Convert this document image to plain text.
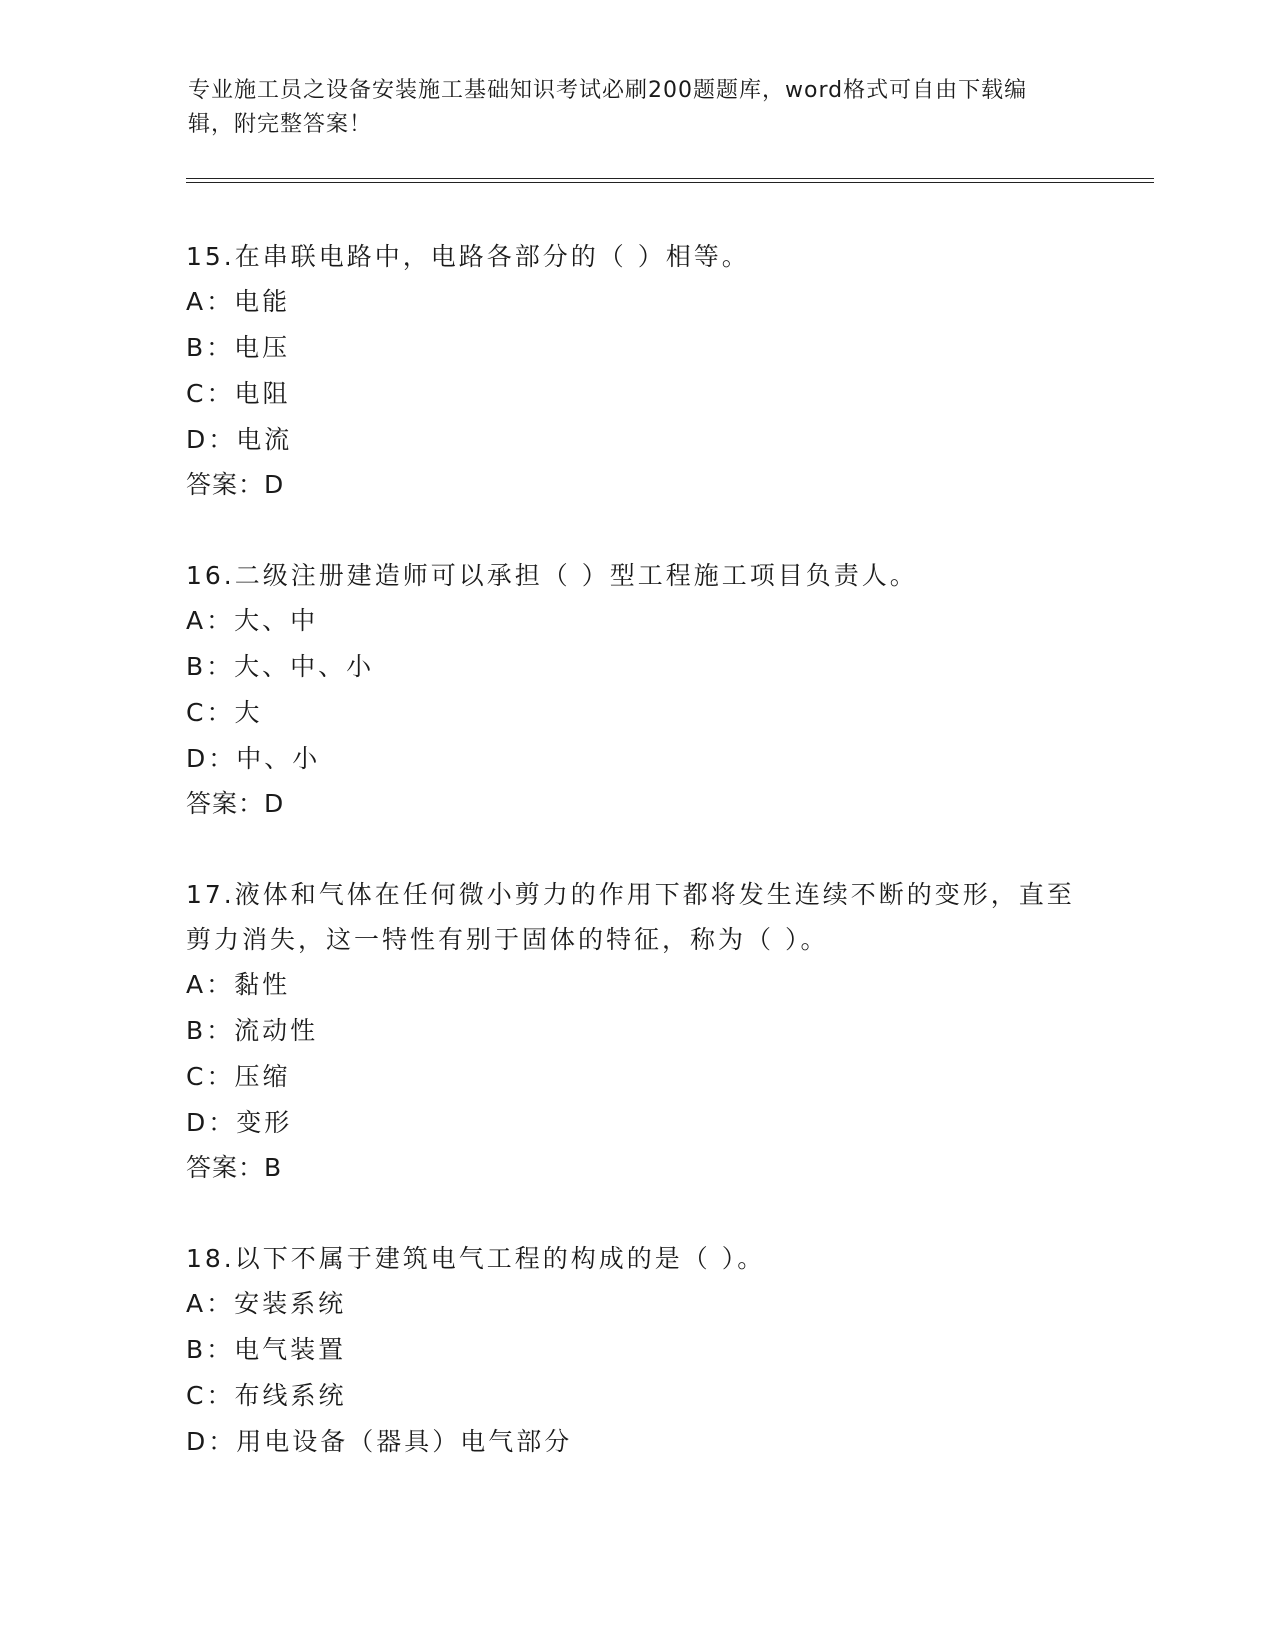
专业施工员之设备安装施工基础知识考试必刷200题题库，word格式可自由下载编辑，附完整答案！

15.在串联电路中，电路各部分的（ ）相等。

A：电能

B：电压

C：电阻

D：电流

答案：D

16.二级注册建造师可以承担（ ）型工程施工项目负责人。

A：大、中

B：大、中、小

C：大

D：中、小

答案：D

17.液体和气体在任何微小剪力的作用下都将发生连续不断的变形，直至剪力消失，这一特性有别于固体的特征，称为（ ）。

A：黏性

B：流动性

C：压缩

D：变形

答案：B

18.以下不属于建筑电气工程的构成的是（ ）。

A：安装系统

B：电气装置

C：布线系统

D：用电设备（器具）电气部分
